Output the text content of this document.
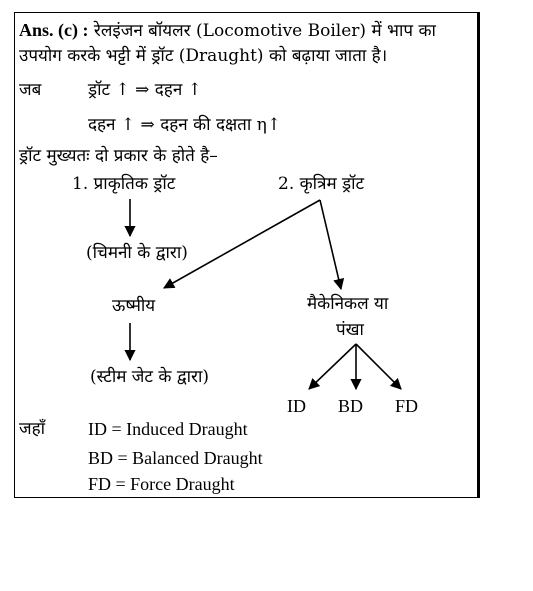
Ans. (c) : रेलइंजन बॉयलर (Locomotive Boiler) में भाप का
उपयोग करके भट्टी में ड्रॉट (Draught) को बढ़ाया जाता है।
जब	ड्रॉट ↑ ⇒ दहन ↑
दहन ↑ ⇒ दहन की दक्षता η↑
ड्रॉट मुख्यतः दो प्रकार के होते है–
1. प्राकृतिक ड्रॉट	2. कृत्रिम ड्रॉट
(चिमनी के द्वारा)
ऊष्मीय	मैकेनिकल या
पंखा
(स्टीम जेट के द्वारा)
ID BD FD
जहाँ ID = Induced Draught
BD = Balanced Draught
FD = Force Draught
